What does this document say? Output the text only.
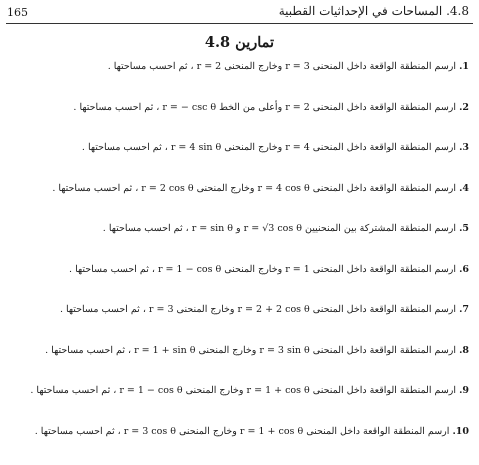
165	4.8. المساحات في الإحداثيات القطبية
تمارين 4.8
1. ارسم المنطقة الواقعة داخل المنحنى r = 3 وخارج المنحنى r = 2 ، ثم احسب مساحتها .
2. ارسم المنطقة الواقعة داخل المنحنى r = 2 وأعلى من الخط r = − csc θ ، ثم احسب مساحتها .
3. ارسم المنطقة الواقعة داخل المنحنى r = 4 وخارج المنحنى r = 4 sin θ ، ثم احسب مساحتها .
4. ارسم المنطقة الواقعة داخل المنحنى r = 4 cos θ وخارج المنحنى r = 2 cos θ ، ثم احسب مساحتها .
5. ارسم المنطقة المشتركة بين المنحنيين r = √3 cos θ و r = sin θ ، ثم احسب مساحتها .
6. ارسم المنطقة الواقعة داخل المنحنى r = 1 وخارج المنحنى r = 1 − cos θ ، ثم احسب مساحتها .
7. ارسم المنطقة الواقعة داخل المنحنى r = 2 + 2 cos θ وخارج المنحنى r = 3 ، ثم احسب مساحتها .
8. ارسم المنطقة الواقعة داخل المنحنى r = 3 sin θ وخارج المنحنى r = 1 + sin θ ، ثم احسب مساحتها .
9. ارسم المنطقة الواقعة داخل المنحنى r = 1 + cos θ وخارج المنحنى r = 1 − cos θ ، ثم احسب مساحتها .
10. ارسم المنطقة الواقعة داخل المنحنى r = 1 + cos θ وخارج المنحنى r = 3 cos θ ، ثم احسب مساحتها .
